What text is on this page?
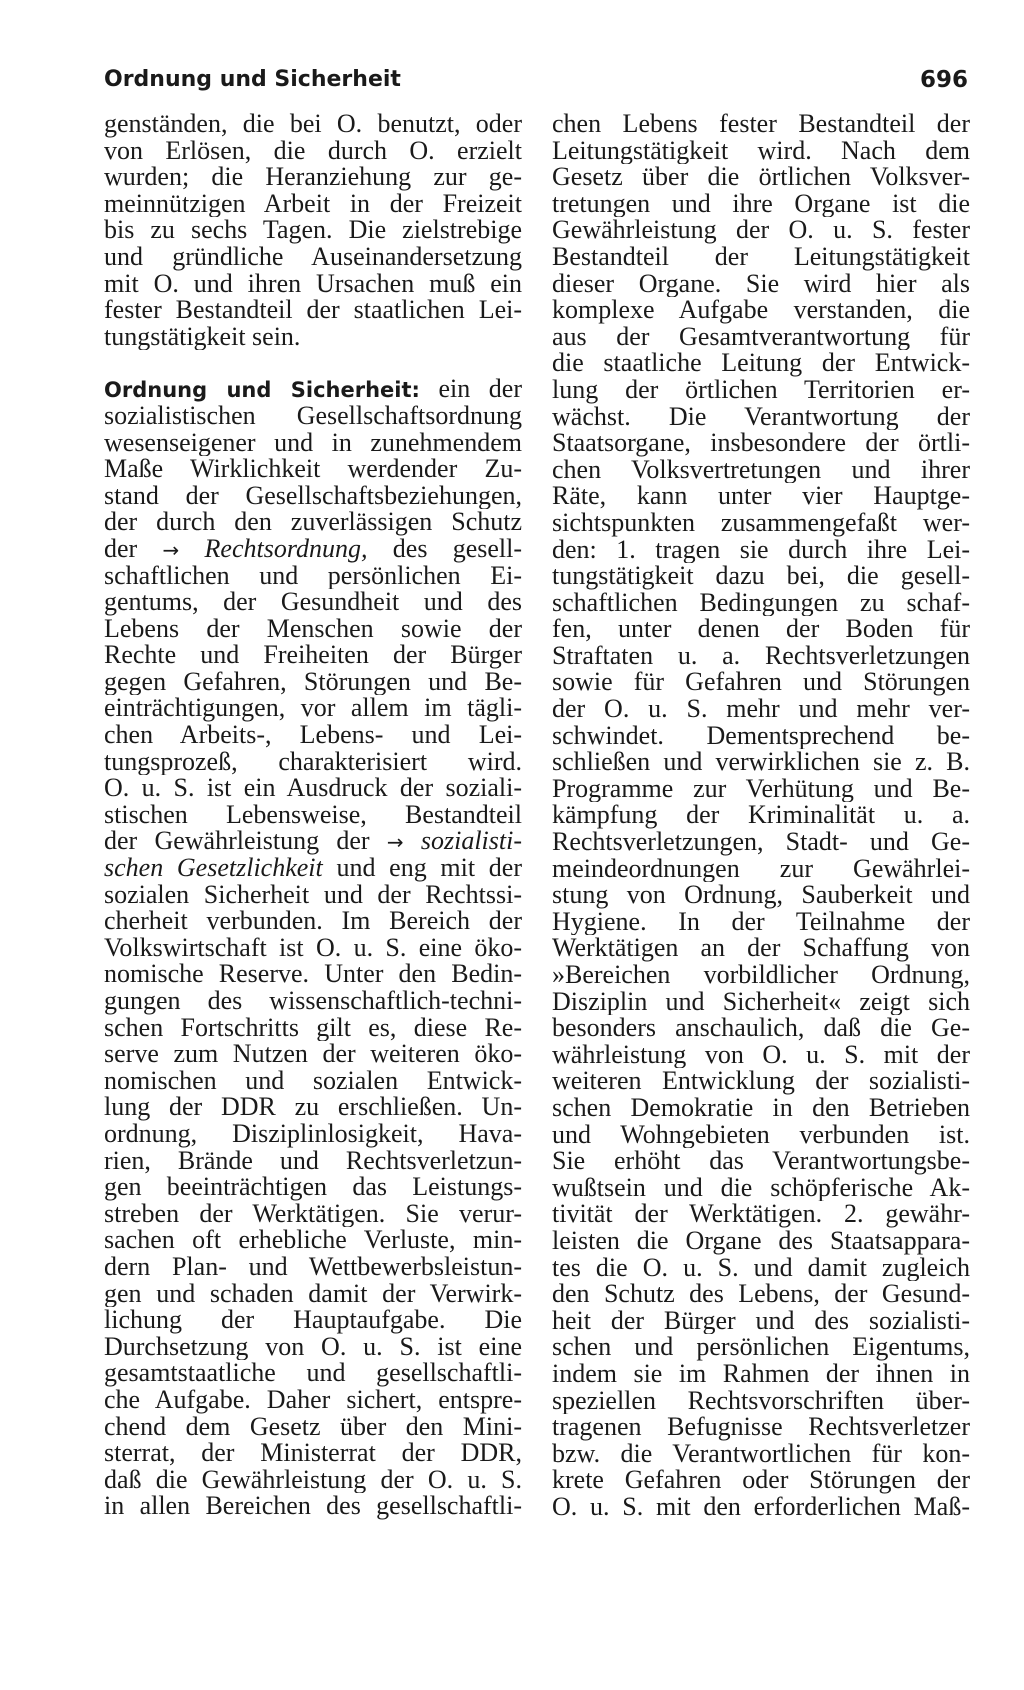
Ordnung und Sicherheit	696
genständen, die bei O. benutzt, oder
von Erlösen, die durch O. erzielt
wurden; die Heranziehung zur ge-
meinnützigen Arbeit in der Freizeit
bis zu sechs Tagen. Die zielstrebige
und gründliche Auseinandersetzung
mit O. und ihren Ursachen muß ein
fester Bestandteil der staatlichen Lei-
tungstätigkeit sein.
Ordnung und Sicherheit: ein der
sozialistischen Gesellschaftsordnung
wesenseigener und in zunehmendem
Maße Wirklichkeit werdender Zu-
stand der Gesellschaftsbeziehungen,
der durch den zuverlässigen Schutz
der → Rechtsordnung, des gesell-
schaftlichen und persönlichen Ei-
gentums, der Gesundheit und des
Lebens der Menschen sowie der
Rechte und Freiheiten der Bürger
gegen Gefahren, Störungen und Be-
einträchtigungen, vor allem im tägli-
chen Arbeits-, Lebens- und Lei-
tungsprozeß, charakterisiert wird.
O. u. S. ist ein Ausdruck der soziali-
stischen Lebensweise, Bestandteil
der Gewährleistung der → sozialisti-
schen Gesetzlichkeit und eng mit der
sozialen Sicherheit und der Rechtssi-
cherheit verbunden. Im Bereich der
Volkswirtschaft ist O. u. S. eine öko-
nomische Reserve. Unter den Bedin-
gungen des wissenschaftlich-techni-
schen Fortschritts gilt es, diese Re-
serve zum Nutzen der weiteren öko-
nomischen und sozialen Entwick-
lung der DDR zu erschließen. Un-
ordnung, Disziplinlosigkeit, Hava-
rien, Brände und Rechtsverletzun-
gen beeinträchtigen das Leistungs-
streben der Werktätigen. Sie verur-
sachen oft erhebliche Verluste, min-
dern Plan- und Wettbewerbsleistun-
gen und schaden damit der Verwirk-
lichung der Hauptaufgabe. Die
Durchsetzung von O. u. S. ist eine
gesamtstaatliche und gesellschaftli-
che Aufgabe. Daher sichert, entspre-
chend dem Gesetz über den Mini-
sterrat, der Ministerrat der DDR,
daß die Gewährleistung der O. u. S.
in allen Bereichen des gesellschaftli-
chen Lebens fester Bestandteil der
Leitungstätigkeit wird. Nach dem
Gesetz über die örtlichen Volksver-
tretungen und ihre Organe ist die
Gewährleistung der O. u. S. fester
Bestandteil der Leitungstätigkeit
dieser Organe. Sie wird hier als
komplexe Aufgabe verstanden, die
aus der Gesamtverantwortung für
die staatliche Leitung der Entwick-
lung der örtlichen Territorien er-
wächst. Die Verantwortung der
Staatsorgane, insbesondere der örtli-
chen Volksvertretungen und ihrer
Räte, kann unter vier Hauptge-
sichtspunkten zusammengefaßt wer-
den: 1. tragen sie durch ihre Lei-
tungstätigkeit dazu bei, die gesell-
schaftlichen Bedingungen zu schaf-
fen, unter denen der Boden für
Straftaten u. a. Rechtsverletzungen
sowie für Gefahren und Störungen
der O. u. S. mehr und mehr ver-
schwindet. Dementsprechend be-
schließen und verwirklichen sie z. B.
Programme zur Verhütung und Be-
kämpfung der Kriminalität u. a.
Rechtsverletzungen, Stadt- und Ge-
meindeordnungen zur Gewährlei-
stung von Ordnung, Sauberkeit und
Hygiene. In der Teilnahme der
Werktätigen an der Schaffung von
»Bereichen vorbildlicher Ordnung,
Disziplin und Sicherheit« zeigt sich
besonders anschaulich, daß die Ge-
währleistung von O. u. S. mit der
weiteren Entwicklung der sozialisti-
schen Demokratie in den Betrieben
und Wohngebieten verbunden ist.
Sie erhöht das Verantwortungsbe-
wußtsein und die schöpferische Ak-
tivität der Werktätigen. 2. gewähr-
leisten die Organe des Staatsappara-
tes die O. u. S. und damit zugleich
den Schutz des Lebens, der Gesund-
heit der Bürger und des sozialisti-
schen und persönlichen Eigentums,
indem sie im Rahmen der ihnen in
speziellen Rechtsvorschriften über-
tragenen Befugnisse Rechtsverletzer
bzw. die Verantwortlichen für kon-
krete Gefahren oder Störungen der
O. u. S. mit den erforderlichen Maß-
